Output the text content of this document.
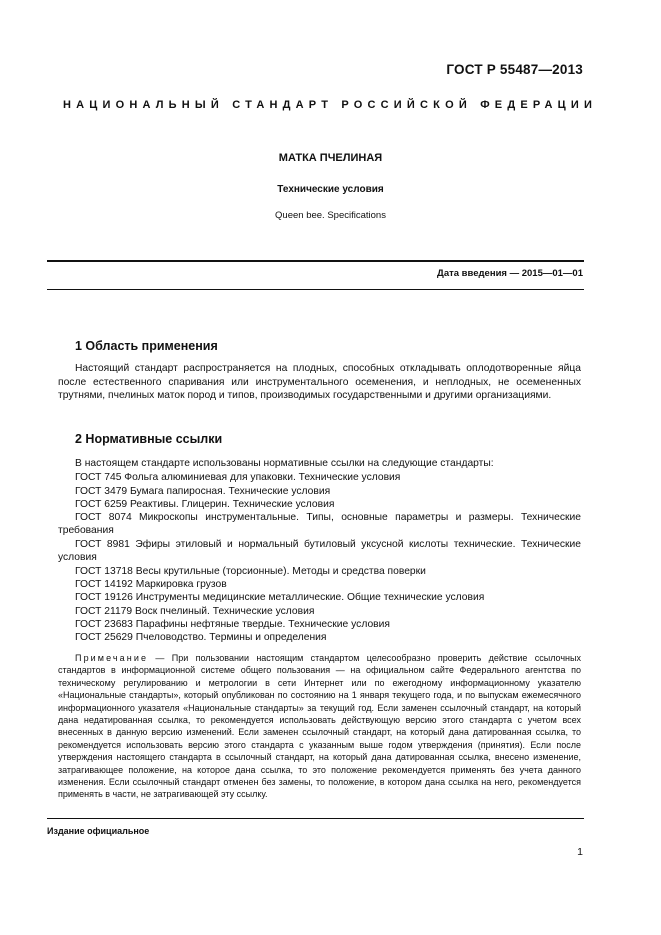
ГОСТ Р 55487—2013
НАЦИОНАЛЬНЫЙ СТАНДАРТ РОССИЙСКОЙ ФЕДЕРАЦИИ
МАТКА ПЧЕЛИНАЯ
Технические условия
Queen bee. Specifications
Дата введения — 2015—01—01
1 Область применения
Настоящий стандарт распространяется на плодных, способных откладывать оплодотворенные яйца после естественного спаривания или инструментального осеменения, и неплодных, не осемененных трутнями, пчелиных маток пород и типов, производимых государственными и другими организациями.
2 Нормативные ссылки
В настоящем стандарте использованы нормативные ссылки на следующие стандарты:
ГОСТ 745 Фольга алюминиевая для упаковки. Технические условия
ГОСТ 3479 Бумага папиросная. Технические условия
ГОСТ 6259 Реактивы. Глицерин. Технические условия
ГОСТ 8074 Микроскопы инструментальные. Типы, основные параметры и размеры. Технические требования
ГОСТ 8981 Эфиры этиловый и нормальный бутиловый уксусной кислоты технические. Технические условия
ГОСТ 13718 Весы крутильные (торсионные). Методы и средства поверки
ГОСТ 14192 Маркировка грузов
ГОСТ 19126 Инструменты медицинские металлические. Общие технические условия
ГОСТ 21179 Воск пчелиный. Технические условия
ГОСТ 23683 Парафины нефтяные твердые. Технические условия
ГОСТ 25629 Пчеловодство. Термины и определения
Примечание — При пользовании настоящим стандартом целесообразно проверить действие ссылочных стандартов в информационной системе общего пользования — на официальном сайте Федерального агентства по техническому регулированию и метрологии в сети Интернет или по ежегодному информационному указателю «Национальные стандарты», который опубликован по состоянию на 1 января текущего года, и по выпускам ежемесячного информационного указателя «Национальные стандарты» за текущий год. Если заменен ссылочный стандарт, на который дана недатированная ссылка, то рекомендуется использовать действующую версию этого стандарта с учетом всех внесенных в данную версию изменений. Если заменен ссылочный стандарт, на который дана датированная ссылка, то рекомендуется использовать версию этого стандарта с указанным выше годом утверждения (принятия). Если после утверждения настоящего стандарта в ссылочный стандарт, на который дана датированная ссылка, внесено изменение, затрагивающее положение, на которое дана ссылка, то это положение рекомендуется применять без учета данного изменения. Если ссылочный стандарт отменен без замены, то положение, в котором дана ссылка на него, рекомендуется применять в части, не затрагивающей эту ссылку.
Издание официальное
1
